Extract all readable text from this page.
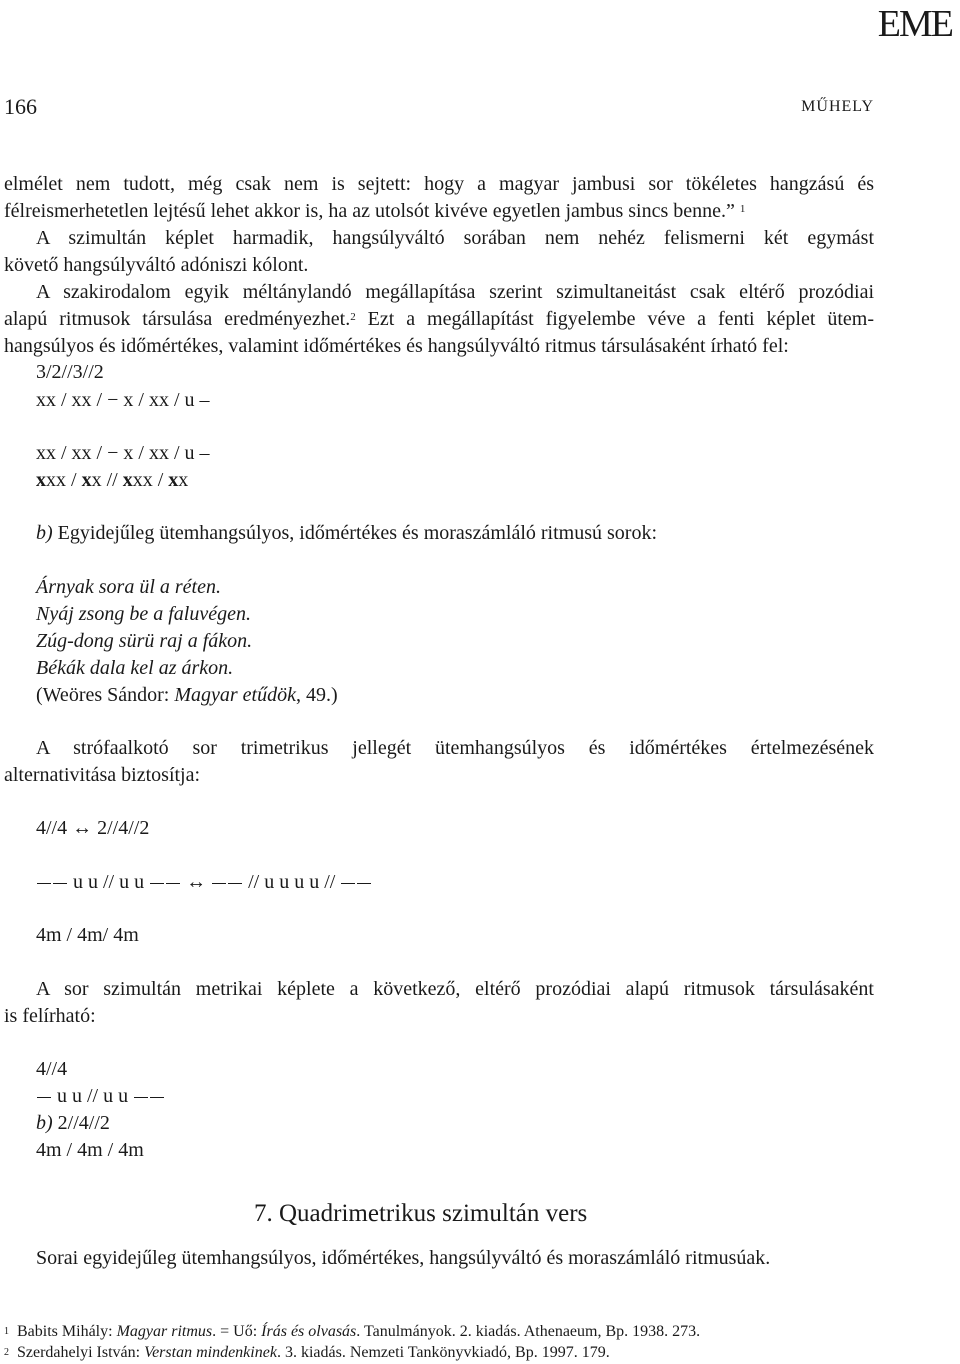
EME
166	MŰHELY
elmélet nem tudott, még csak nem is sejtett: hogy a magyar jambusi sor tökéletes hangzású és
félreismerhetetlen lejtésű lehet akkor is, ha az utolsót kivéve egyetlen jambus sincs benne.” $^1$
A szimultán képlet harmadik, hangsúlyváltó sorában nem nehéz felismerni két egymást
követő hangsúlyváltó adóniszi kólont.
A szakirodalom egyik méltánylandó megállapítása szerint szimultaneitást csak eltérő prozódiai
alapú ritmusok társulása eredményezhet.$^2$ Ezt a megállapítást figyelembe véve a fenti képlet ütem-
hangsúlyos és időmértékes, valamint időmértékes és hangsúlyváltó ritmus társulásaként írható fel:
3/2//3//2
xx / xx / − x / xx / u –
xx / xx / − x / xx / u –
xxx / xx // xxx / xx
b) Egyidejűleg ütemhangsúlyos, időmértékes és moraszámláló ritmusú sorok:
Árnyak sora ül a réten.
Nyáj zsong be a faluvégen.
Zúg-dong sürü raj a fákon.
Békák dala kel az árkon.
(Weöres Sándor: Magyar etűdök, 49.)
A strófaalkotó sor trimetrikus jellegét ütemhangsúlyos és időmértékes értelmezésének
alternativitása biztosítja:
4//4 ↔ 2//4//2
u u // u u  ↔  // u u u u //
4m / 4m/ 4m
A sor szimultán metrikai képlete a következő, eltérő prozódiai alapú ritmusok társulásaként
is felírható:
4//4
u u // u u
b) 2//4//2
4m / 4m / 4m
7. Quadrimetrikus szimultán vers
Sorai egyidejűleg ütemhangsúlyos, időmértékes, hangsúlyváltó és moraszámláló ritmusúak.
$^1$ Babits Mihály: Magyar ritmus. = Uő: Írás és olvasás. Tanulmányok. 2. kiadás. Athenaeum, Bp. 1938. 273.
$^2$ Szerdahelyi István: Verstan mindenkinek. 3. kiadás. Nemzeti Tankönyvkiadó, Bp. 1997. 179.
